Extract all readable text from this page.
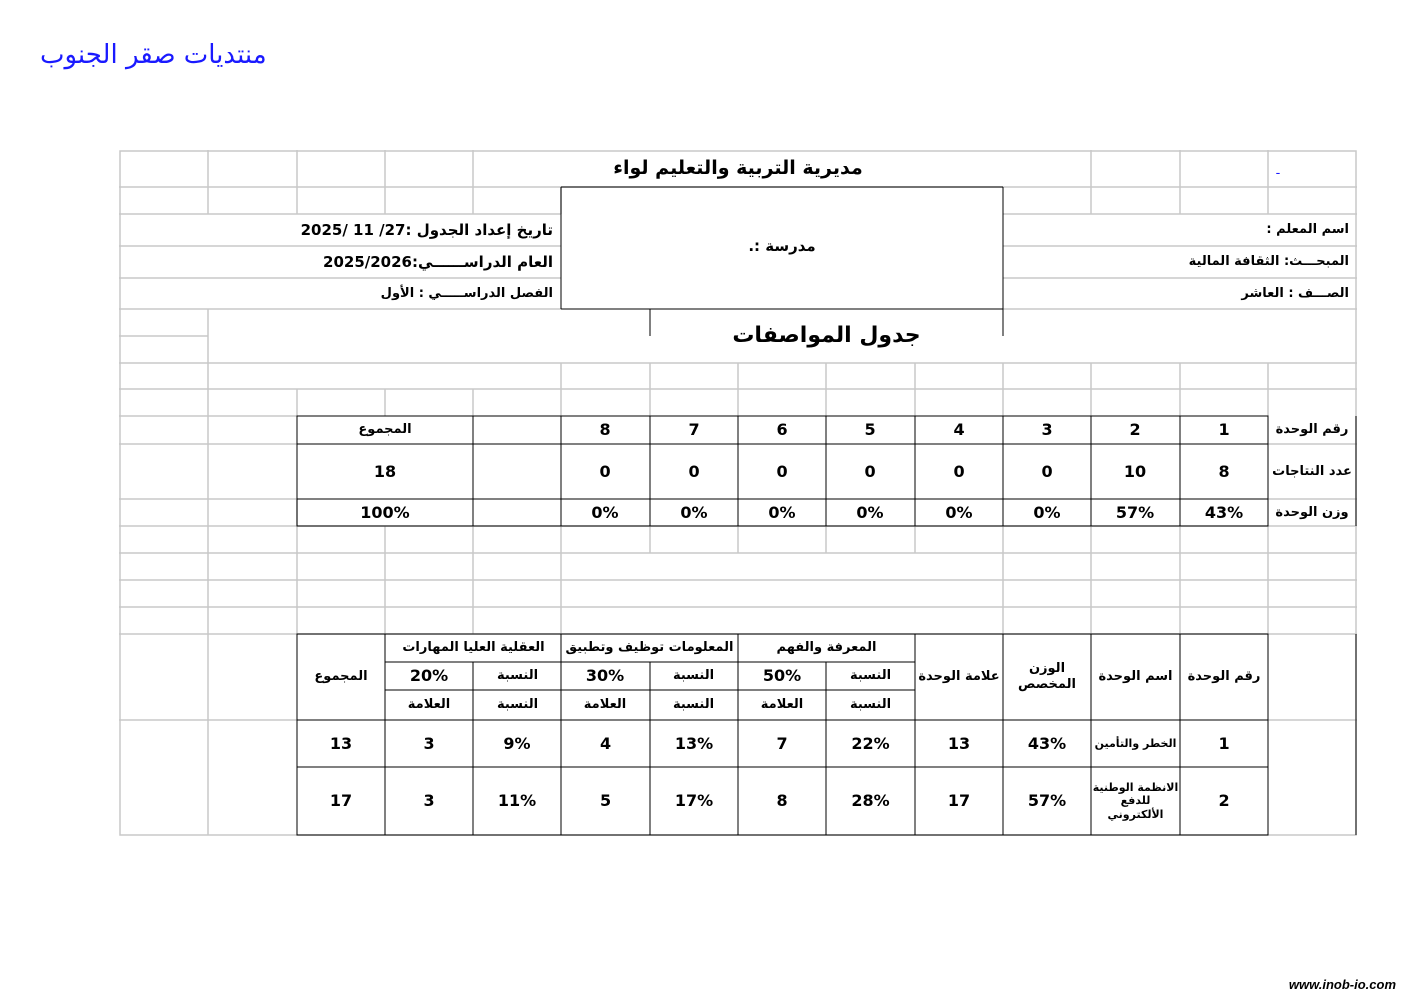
منتديات صقر الجنوب
مديرية التربية والتعليم لواء	-
اسم المعلم :
المبحـــث: الثقافة المالية
الصـــف : العاشر
مدرسة :.
تاريخ إعداد الجدول :27/ 11 /2025
العام الدراســــــي:2025/2026
الفصل الدراســـــي : الأول
جدول المواصفات
رقم الوحدة
عدد النتاجات
وزن الوحدة
1
8
43%
2
10
57%
3
0
0%
4
0
0%
5
0
0%
6
0
0%
7
0
0%
8
0
0%
المجموع
18
100%
رقم الوحدة
اسم الوحدة
الوزن المخصص
علامة الوحدة
المعرفة والفهم
النسبة
50%
النسبة
العلامة
المعلومات توظيف وتطبيق
النسبة
30%
النسبة
العلامة
العقلية العليا المهارات
النسبة
20%
النسبة
العلامة
المجموع
1
الخطر والتأمين
43%
13
22%
7
13%
4
9%
3
13
2
الانظمة الوطنية للدفع الألكتروني
57%
17
28%
8
17%
5
11%
3
17
www.inob-io.com
